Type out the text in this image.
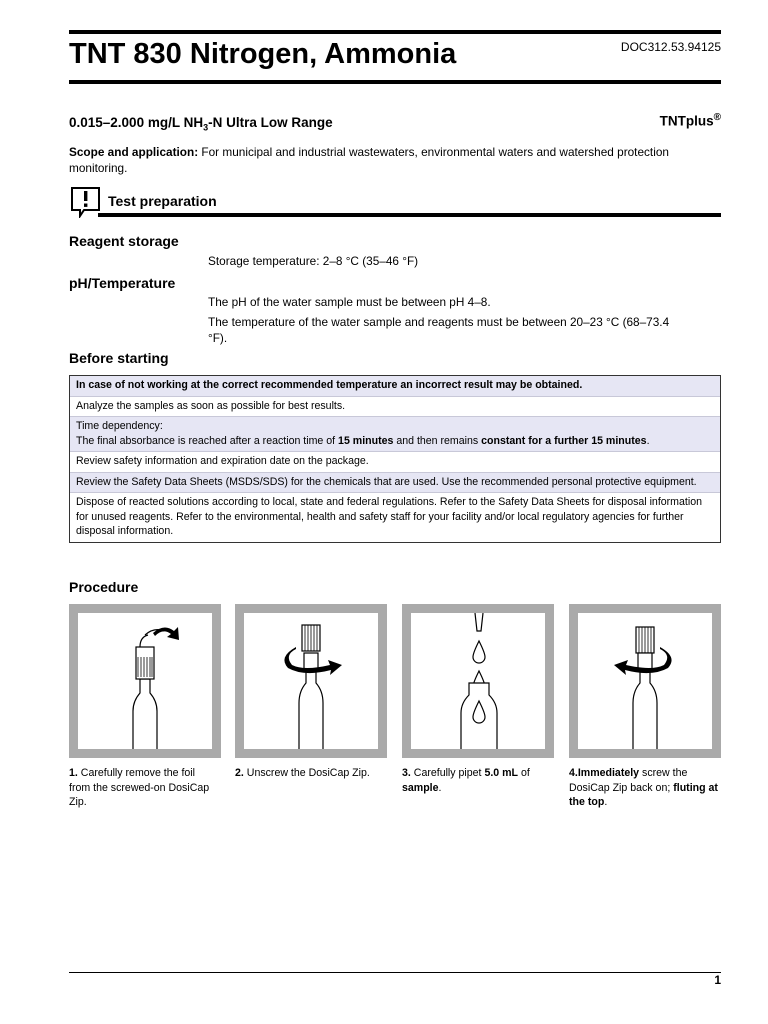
TNT 830 Nitrogen, Ammonia	DOC312.53.94125
0.015–2.000 mg/L $NH_3-N$ Ultra Low Range	TNTplus®

Scope and application: For municipal and industrial wastewaters, environmental waters and watershed protection monitoring.

Test preparation
Reagent storage
Storage temperature: 2–8 °C (35–46 °F)
pH/Temperature
The pH of the water sample must be between pH 4–8.
The temperature of the water sample and reagents must be between 20–23 °C (68–73.4 °F).
Before starting
In case of not working at the correct recommended temperature an incorrect result may be obtained.
Analyze the samples as soon as possible for best results.
Time dependency:
The final absorbance is reached after a reaction time of 15 minutes and then remains constant for a further 15 minutes.
Review safety information and expiration date on the package.
Review the Safety Data Sheets (MSDS/SDS) for the chemicals that are used. Use the recommended personal protective equipment.
Dispose of reacted solutions according to local, state and federal regulations. Refer to the Safety Data Sheets for disposal information for unused reagents. Refer to the environmental, health and safety staff for your facility and/or local regulatory agencies for further disposal information.
Procedure

1. Carefully remove the foil from the screwed-on DosiCap Zip.

2. Unscrew the DosiCap Zip.	3. Carefully pipet 5.0 mL of sample.

4.Immediately screw the DosiCap Zip back on; fluting at the top.

1
